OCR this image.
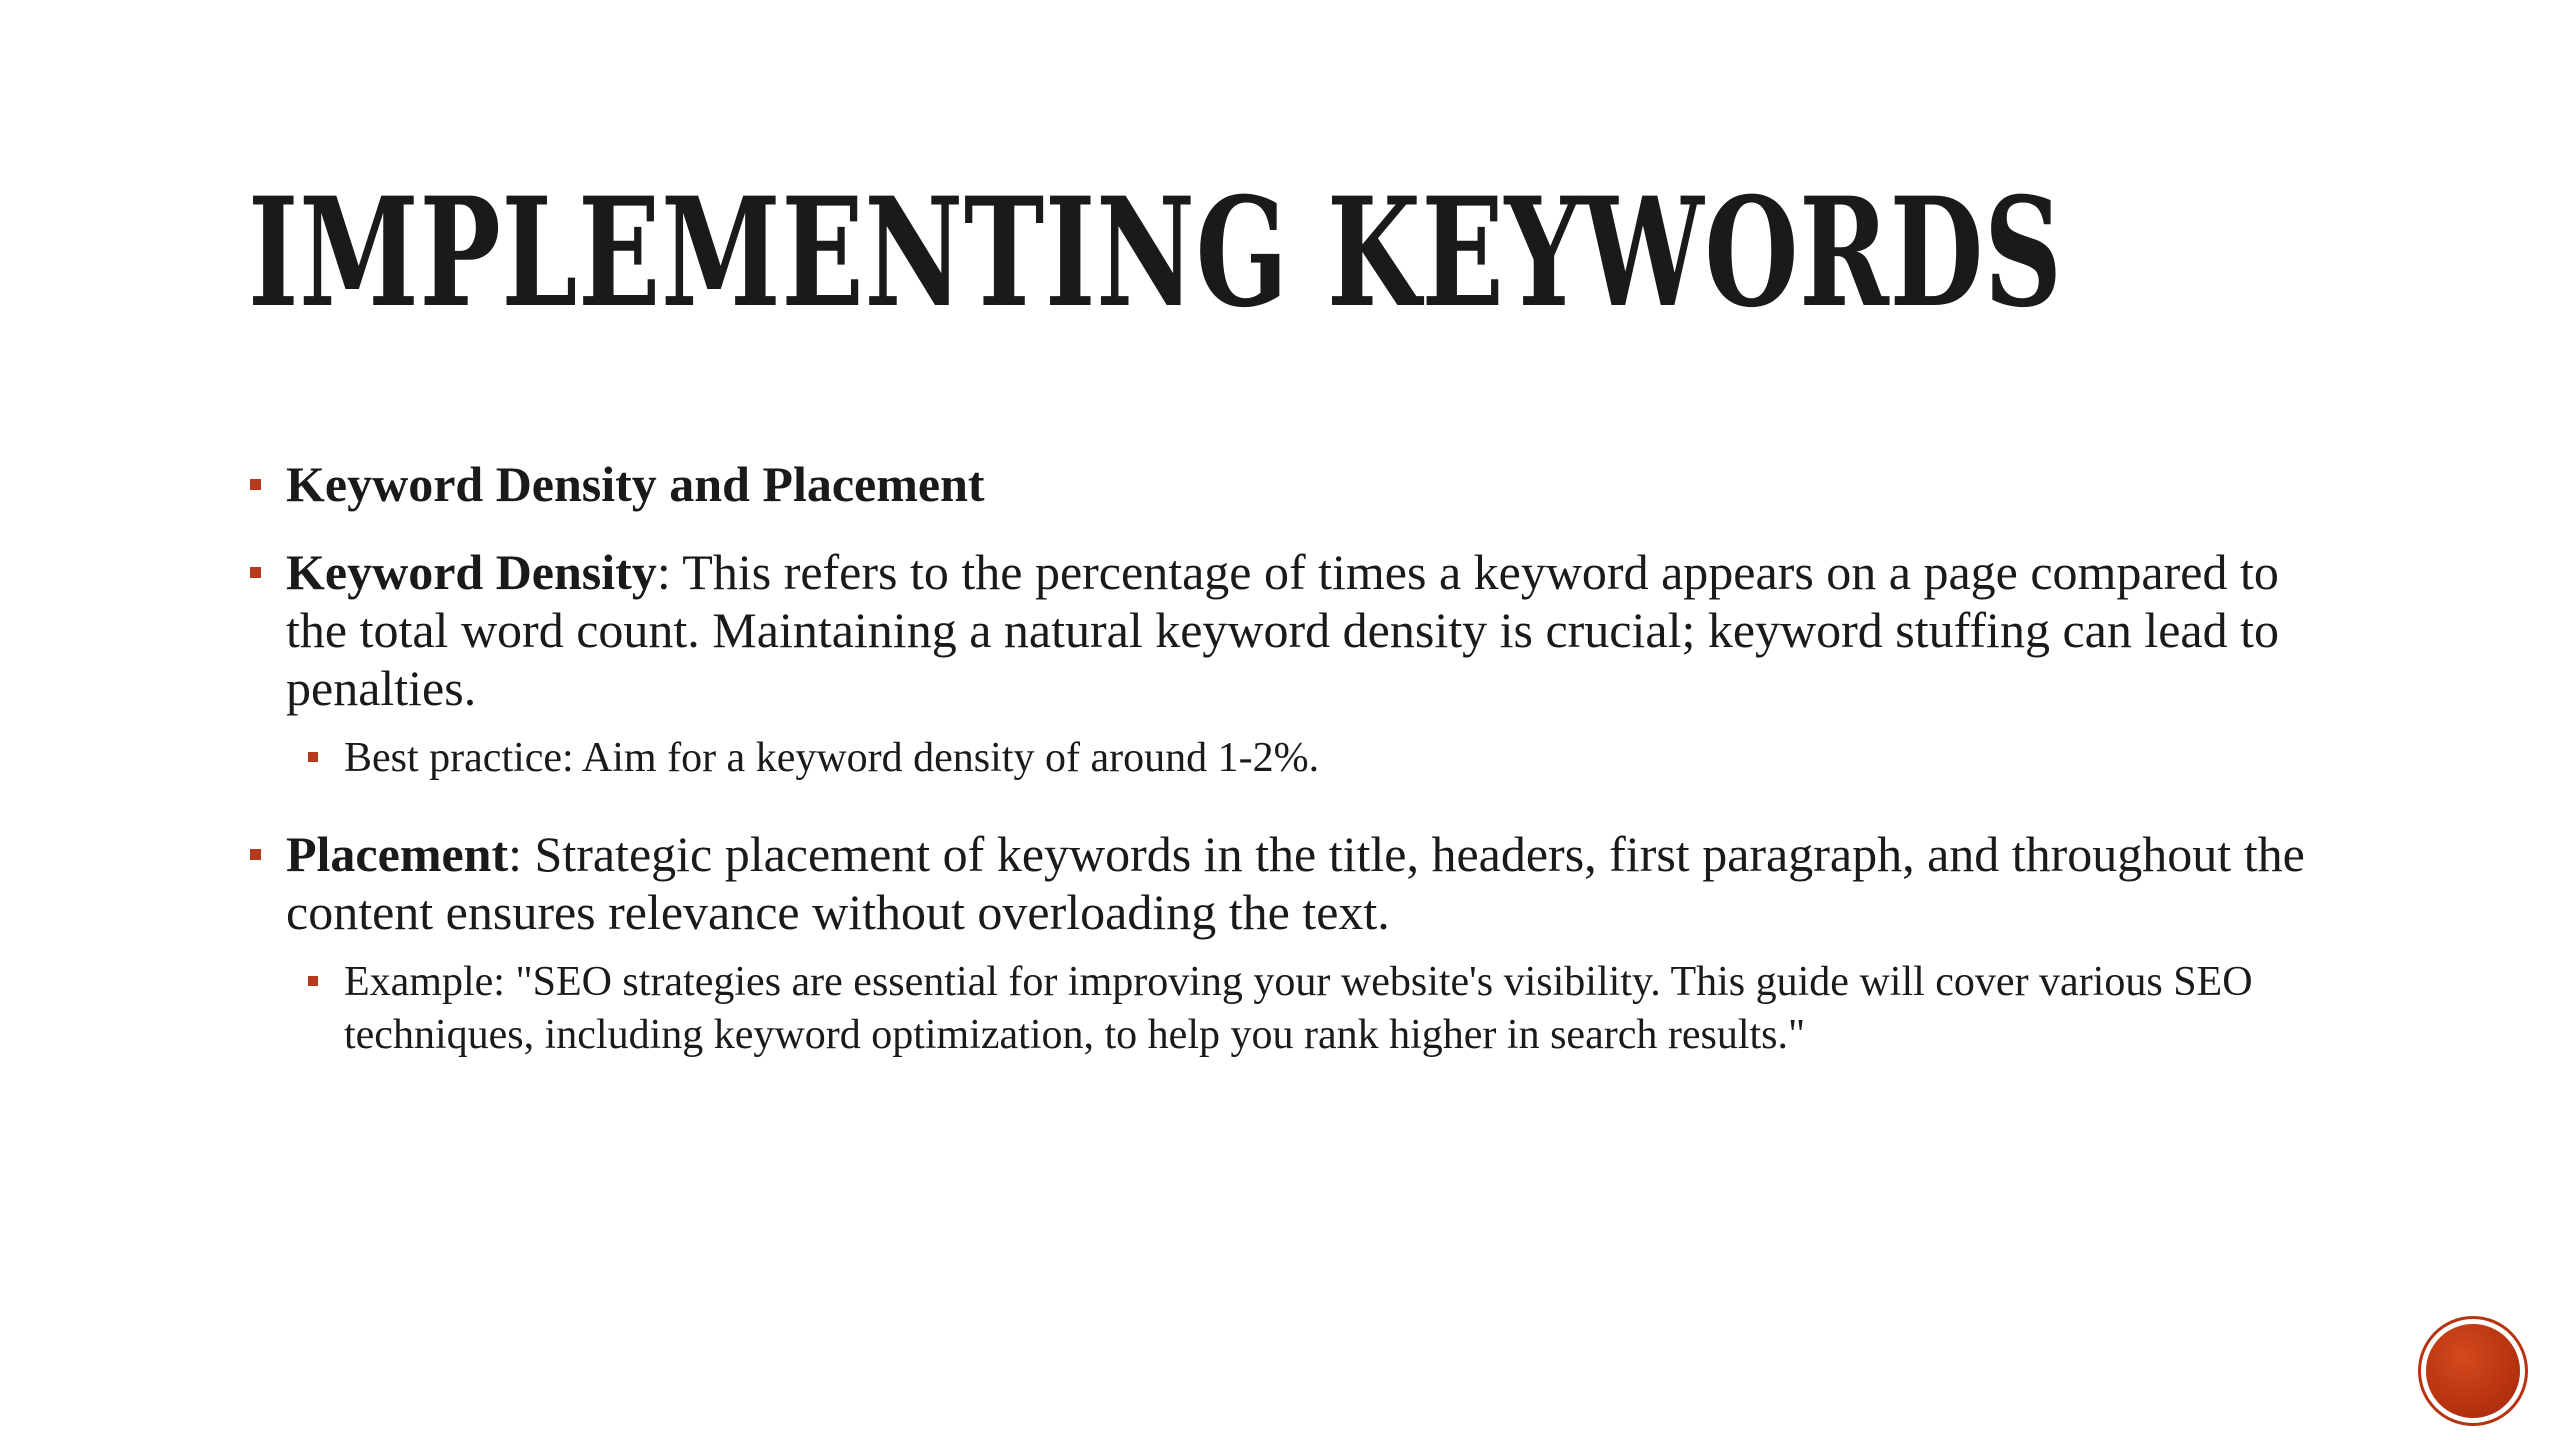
IMPLEMENTING KEYWORDS
Keyword Density and Placement
Keyword Density: This refers to the percentage of times a keyword appears on a page compared to the total word count. Maintaining a natural keyword density is crucial; keyword stuffing can lead to penalties.
Best practice: Aim for a keyword density of around 1-2%.
Placement: Strategic placement of keywords in the title, headers, first paragraph, and throughout the content ensures relevance without overloading the text.
Example: "SEO strategies are essential for improving your website's visibility. This guide will cover various SEO techniques, including keyword optimization, to help you rank higher in search results."
